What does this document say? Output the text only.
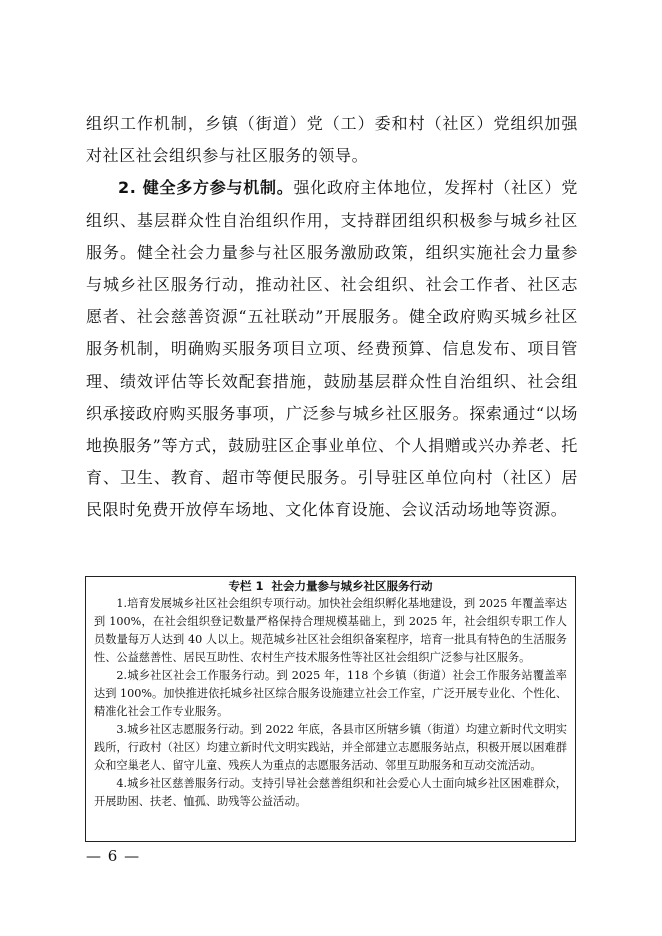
组织工作机制，乡镇（街道）党（工）委和村（社区）党组织加强对社区社会组织参与社区服务的领导。

2. 健全多方参与机制。强化政府主体地位，发挥村（社区）党组织、基层群众性自治组织作用，支持群团组织积极参与城乡社区服务。健全社会力量参与社区服务激励政策，组织实施社会力量参与城乡社区服务行动，推动社区、社会组织、社会工作者、社区志愿者、社会慈善资源“五社联动”开展服务。健全政府购买城乡社区服务机制，明确购买服务项目立项、经费预算、信息发布、项目管理、绩效评估等长效配套措施，鼓励基层群众性自治组织、社会组织承接政府购买服务事项，广泛参与城乡社区服务。探索通过“以场地换服务”等方式，鼓励驻区企事业单位、个人捐赠或兴办养老、托育、卫生、教育、超市等便民服务。引导驻区单位向村（社区）居民限时免费开放停车场地、文化体育设施、会议活动场地等资源。

专栏 1 社会力量参与城乡社区服务行动

1.培育发展城乡社区社会组织专项行动。加快社会组织孵化基地建设，到 2025 年覆盖率达到 100%，在社会组织登记数量严格保持合理规模基础上，到 2025 年，社会组织专职工作人员数量每万人达到 40 人以上。规范城乡社区社会组织备案程序，培育一批具有特色的生活服务性、公益慈善性、居民互助性、农村生产技术服务性等社区社会组织广泛参与社区服务。

2.城乡社区社会工作服务行动。到 2025 年，118 个乡镇（街道）社会工作服务站覆盖率达到 100%。加快推进依托城乡社区综合服务设施建立社会工作室，广泛开展专业化、个性化、精准化社会工作专业服务。

3.城乡社区志愿服务行动。到 2022 年底，各县市区所辖乡镇（街道）均建立新时代文明实践所，行政村（社区）均建立新时代文明实践站，并全部建立志愿服务站点，积极开展以困难群众和空巢老人、留守儿童、残疾人为重点的志愿服务活动、邻里互助服务和互动交流活动。

4.城乡社区慈善服务行动。支持引导社会慈善组织和社会爱心人士面向城乡社区困难群众，开展助困、扶老、恤孤、助残等公益活动。

— 6 —
